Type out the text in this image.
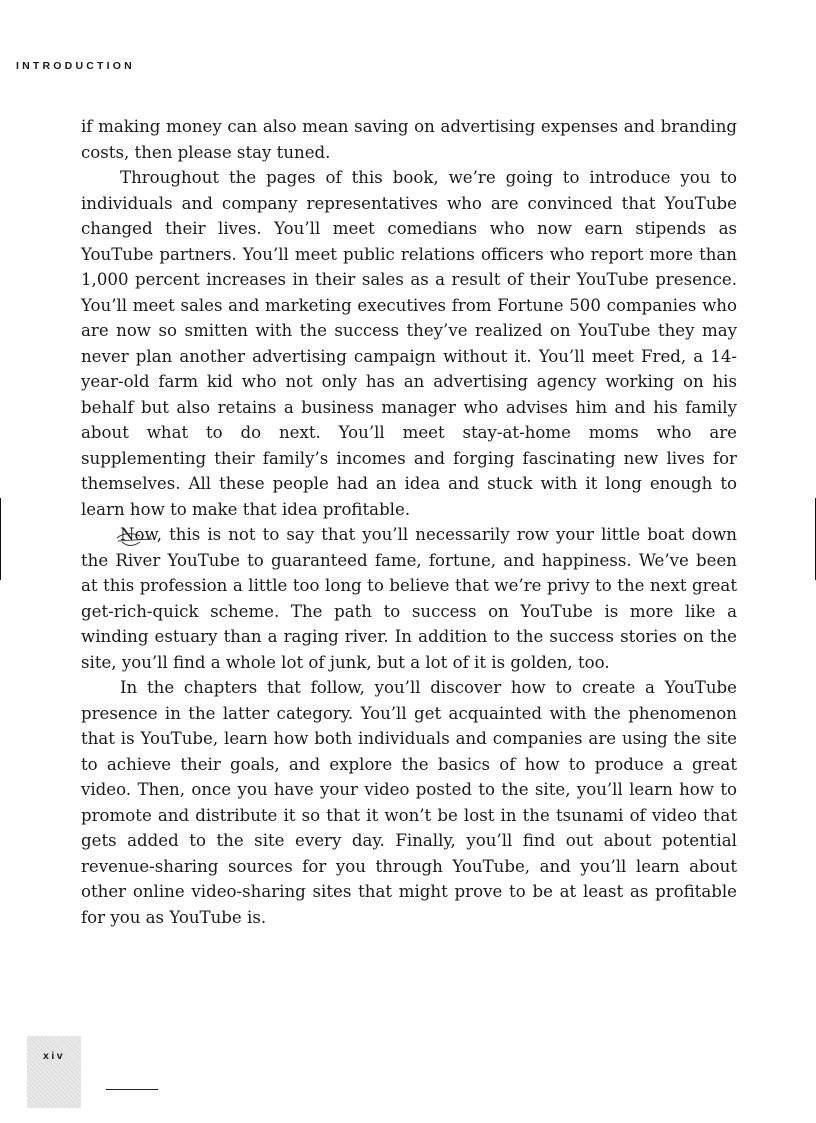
INTRODUCTION

if making money can also mean saving on advertising expenses and branding costs, then please stay tuned.

Throughout the pages of this book, we’re going to introduce you to individuals and company representatives who are convinced that YouTube changed their lives. You’ll meet comedians who now earn stipends as YouTube partners. You’ll meet public relations officers who report more than 1,000 percent increases in their sales as a result of their YouTube presence. You’ll meet sales and marketing executives from Fortune 500 companies who are now so smitten with the success they’ve realized on YouTube they may never plan another advertising campaign without it. You’ll meet Fred, a 14-year-old farm kid who not only has an advertising agency working on his behalf but also retains a business manager who advises him and his family about what to do next. You’ll meet stay-at-home moms who are supplementing their family’s incomes and forging fascinating new lives for themselves. All these people had an idea and stuck with it long enough to learn how to make that idea profitable.

Now, this is not to say that you’ll necessarily row your little boat down the River YouTube to guaranteed fame, fortune, and happiness. We’ve been at this profession a little too long to believe that we’re privy to the next great get-rich-quick scheme. The path to success on YouTube is more like a winding estuary than a raging river. In addition to the success stories on the site, you’ll find a whole lot of junk, but a lot of it is golden, too.

In the chapters that follow, you’ll discover how to create a YouTube presence in the latter category. You’ll get acquainted with the phenomenon that is YouTube, learn how both individuals and companies are using the site to achieve their goals, and explore the basics of how to produce a great video. Then, once you have your video posted to the site, you’ll learn how to promote and distribute it so that it won’t be lost in the tsunami of video that gets added to the site every day. Finally, you’ll find out about potential revenue-sharing sources for you through YouTube, and you’ll learn about other online video-sharing sites that might prove to be at least as profitable for you as YouTube is.

xiv
